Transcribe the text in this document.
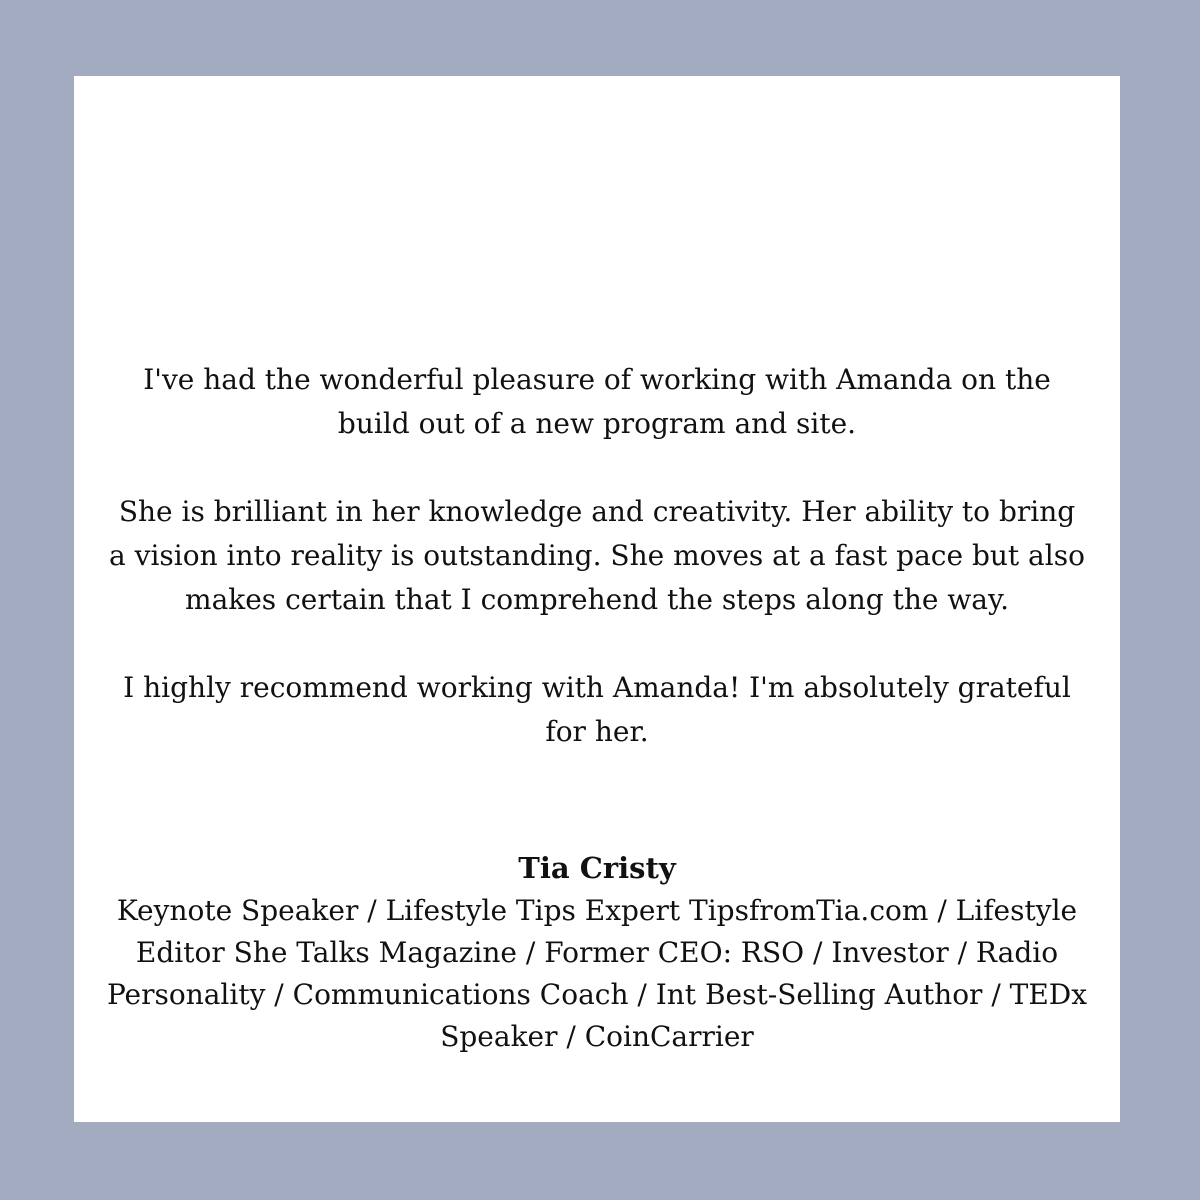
I've had the wonderful pleasure of working with Amanda on the
build out of a new program and site.

She is brilliant in her knowledge and creativity. Her ability to bring
a vision into reality is outstanding. She moves at a fast pace but also
makes certain that I comprehend the steps along the way.

I highly recommend working with Amanda! I'm absolutely grateful
for her.

Tia Cristy
Keynote Speaker / Lifestyle Tips Expert TipsfromTia.com / Lifestyle
Editor She Talks Magazine / Former CEO: RSO / Investor / Radio
Personality / Communications Coach / Int Best-Selling Author / TEDx
Speaker / CoinCarrier
